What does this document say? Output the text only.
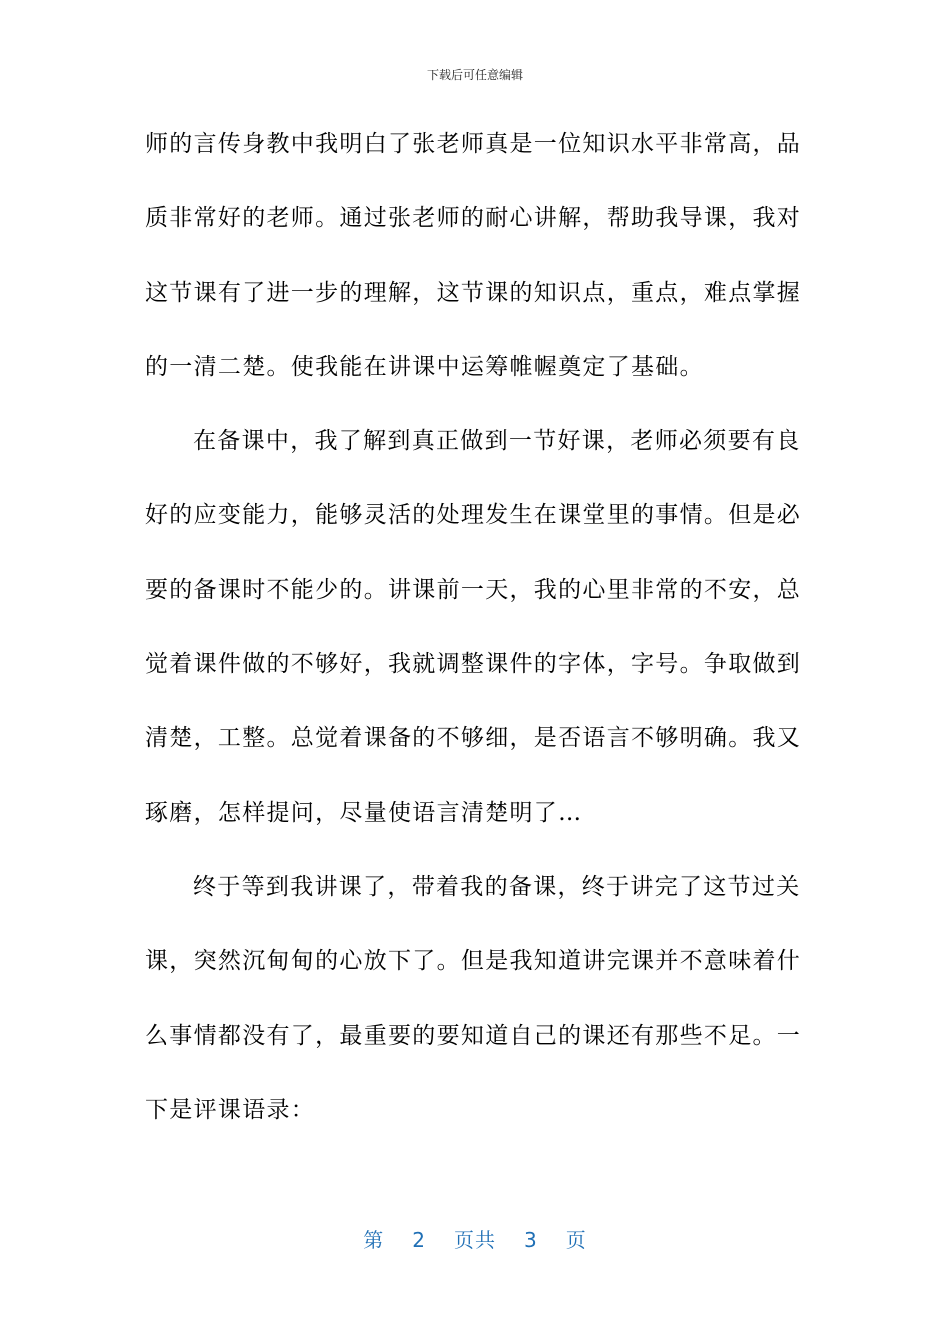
下载后可任意编辑
师的言传身教中我明白了张老师真是一位知识水平非常高，品
质非常好的老师。通过张老师的耐心讲解，帮助我导课，我对
这节课有了进一步的理解，这节课的知识点，重点，难点掌握
的一清二楚。使我能在讲课中运筹帷幄奠定了基础。
在备课中，我了解到真正做到一节好课，老师必须要有良
好的应变能力，能够灵活的处理发生在课堂里的事情。但是必
要的备课时不能少的。讲课前一天，我的心里非常的不安，总
觉着课件做的不够好，我就调整课件的字体，字号。争取做到
清楚，工整。总觉着课备的不够细，是否语言不够明确。我又
琢磨，怎样提问，尽量使语言清楚明了…
终于等到我讲课了，带着我的备课，终于讲完了这节过关
课，突然沉甸甸的心放下了。但是我知道讲完课并不意味着什
么事情都没有了，最重要的要知道自己的课还有那些不足。一
下是评课语录：
第 2 页共 3 页
